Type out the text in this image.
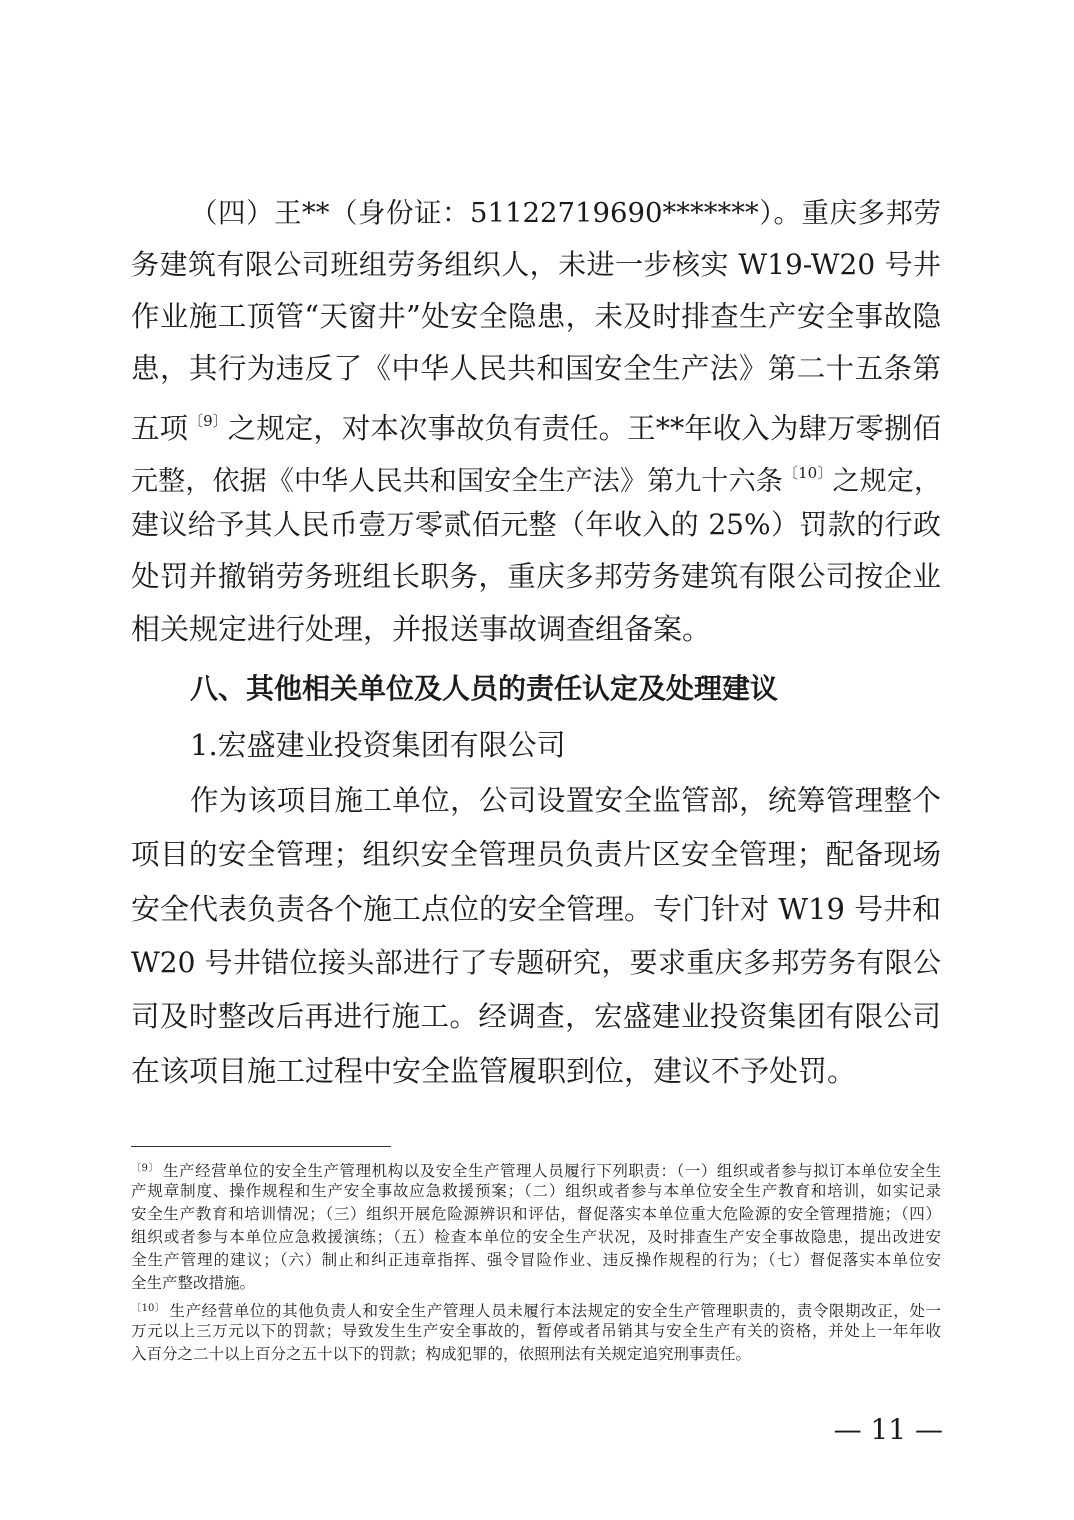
（四）王**（身份证：51122719690*******）。重庆多邦劳
务建筑有限公司班组劳务组织人，未进一步核实 W19-W20 号井
作业施工顶管“天窗井”处安全隐患，未及时排查生产安全事故隐
患，其行为违反了《中华人民共和国安全生产法》第二十五条第
五项$^{〔9〕}$之规定，对本次事故负有责任。王**年收入为肆万零捌佰
元整，依据《中华人民共和国安全生产法》第九十六条$^{〔10〕}$之规定，
建议给予其人民币壹万零贰佰元整（年收入的 25%）罚款的行政
处罚并撤销劳务班组长职务，重庆多邦劳务建筑有限公司按企业
相关规定进行处理，并报送事故调查组备案。
八、其他相关单位及人员的责任认定及处理建议
1.宏盛建业投资集团有限公司
作为该项目施工单位，公司设置安全监管部，统筹管理整个
项目的安全管理；组织安全管理员负责片区安全管理；配备现场
安全代表负责各个施工点位的安全管理。专门针对 W19 号井和
W20 号井错位接头部进行了专题研究，要求重庆多邦劳务有限公
司及时整改后再进行施工。经调查，宏盛建业投资集团有限公司
在该项目施工过程中安全监管履职到位，建议不予处罚。
$^{〔9〕}$ 生产经营单位的安全生产管理机构以及安全生产管理人员履行下列职责：（一）组织或者参与拟订本单位安全生
产规章制度、操作规程和生产安全事故应急救援预案；（二）组织或者参与本单位安全生产教育和培训，如实记录
安全生产教育和培训情况；（三）组织开展危险源辨识和评估，督促落实本单位重大危险源的安全管理措施；（四）
组织或者参与本单位应急救援演练；（五）检查本单位的安全生产状况，及时排查生产安全事故隐患，提出改进安
全生产管理的建议；（六）制止和纠正违章指挥、强令冒险作业、违反操作规程的行为；（七）督促落实本单位安
全生产整改措施。
$^{〔10〕}$ 生产经营单位的其他负责人和安全生产管理人员未履行本法规定的安全生产管理职责的，责令限期改正，处一
万元以上三万元以下的罚款；导致发生生产安全事故的，暂停或者吊销其与安全生产有关的资格，并处上一年年收
入百分之二十以上百分之五十以下的罚款；构成犯罪的，依照刑法有关规定追究刑事责任。
— 11 —
